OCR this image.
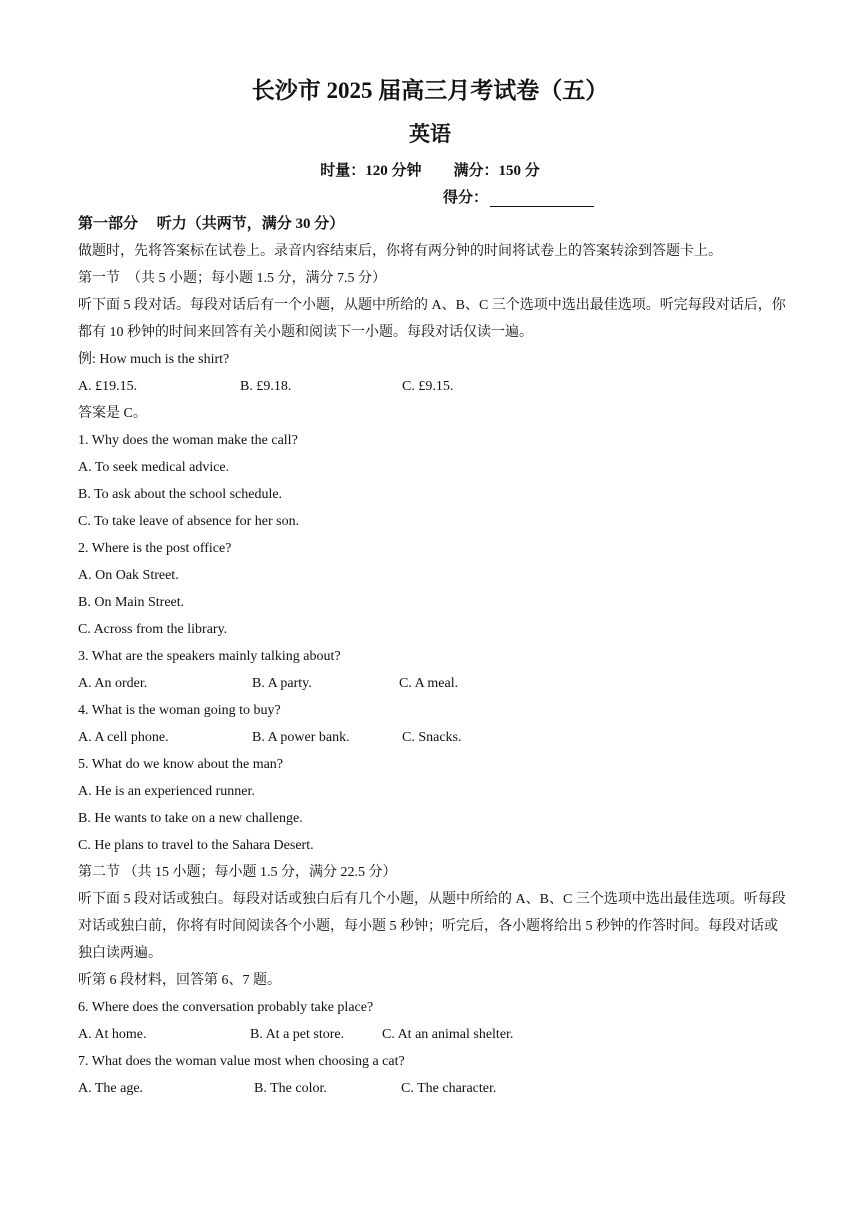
长沙市 2025 届高三月考试卷（五）
英语
时量：120 分钟 满分：150 分
得分：

第一部分　 听力（共两节，满分 30 分）

做题时，先将答案标在试卷上。录音内容结束后，你将有两分钟的时间将试卷上的答案转涂到答题卡上。

第一节　（共 5 小题；每小题 1.5 分，满分 7.5 分）

听下面 5 段对话。每段对话后有一个小题，从题中所给的 A、B、C 三个选项中选出最佳选项。听完每段对话后，你都有 10 秒钟的时间来回答有关小题和阅读下一小题。每段对话仅读一遍。

例: How much is the shirt?

A. £19.15.	B. £9.18.	C. £9.15.

答案是 C。

1. Why does the woman make the call?

A. To seek medical advice.

B. To ask about the school schedule.

C. To take leave of absence for her son.

2. Where is the post office?

A. On Oak Street.

B. On Main Street.

C. Across from the library.

3. What are the speakers mainly talking about?

A. An order.	B. A party.	C. A meal.

4. What is the woman going to buy?

A. A cell phone.	B. A power bank.	C. Snacks.

5. What do we know about the man?

A. He is an experienced runner.

B. He wants to take on a new challenge.

C. He plans to travel to the Sahara Desert.

第二节 （共 15 小题；每小题 1.5 分，满分 22.5 分）

听下面 5 段对话或独白。每段对话或独白后有几个小题，从题中所给的 A、B、C 三个选项中选出最佳选项。听每段对话或独白前，你将有时间阅读各个小题，每小题 5 秒钟；听完后，各小题将给出 5 秒钟的作答时间。每段对话或独白读两遍。

听第 6 段材料，回答第 6、7 题。

6. Where does the conversation probably take place?

A. At home.	B. At a pet store.	C. At an animal shelter.

7. What does the woman value most when choosing a cat?

A. The age.	B. The color.	C. The character.
